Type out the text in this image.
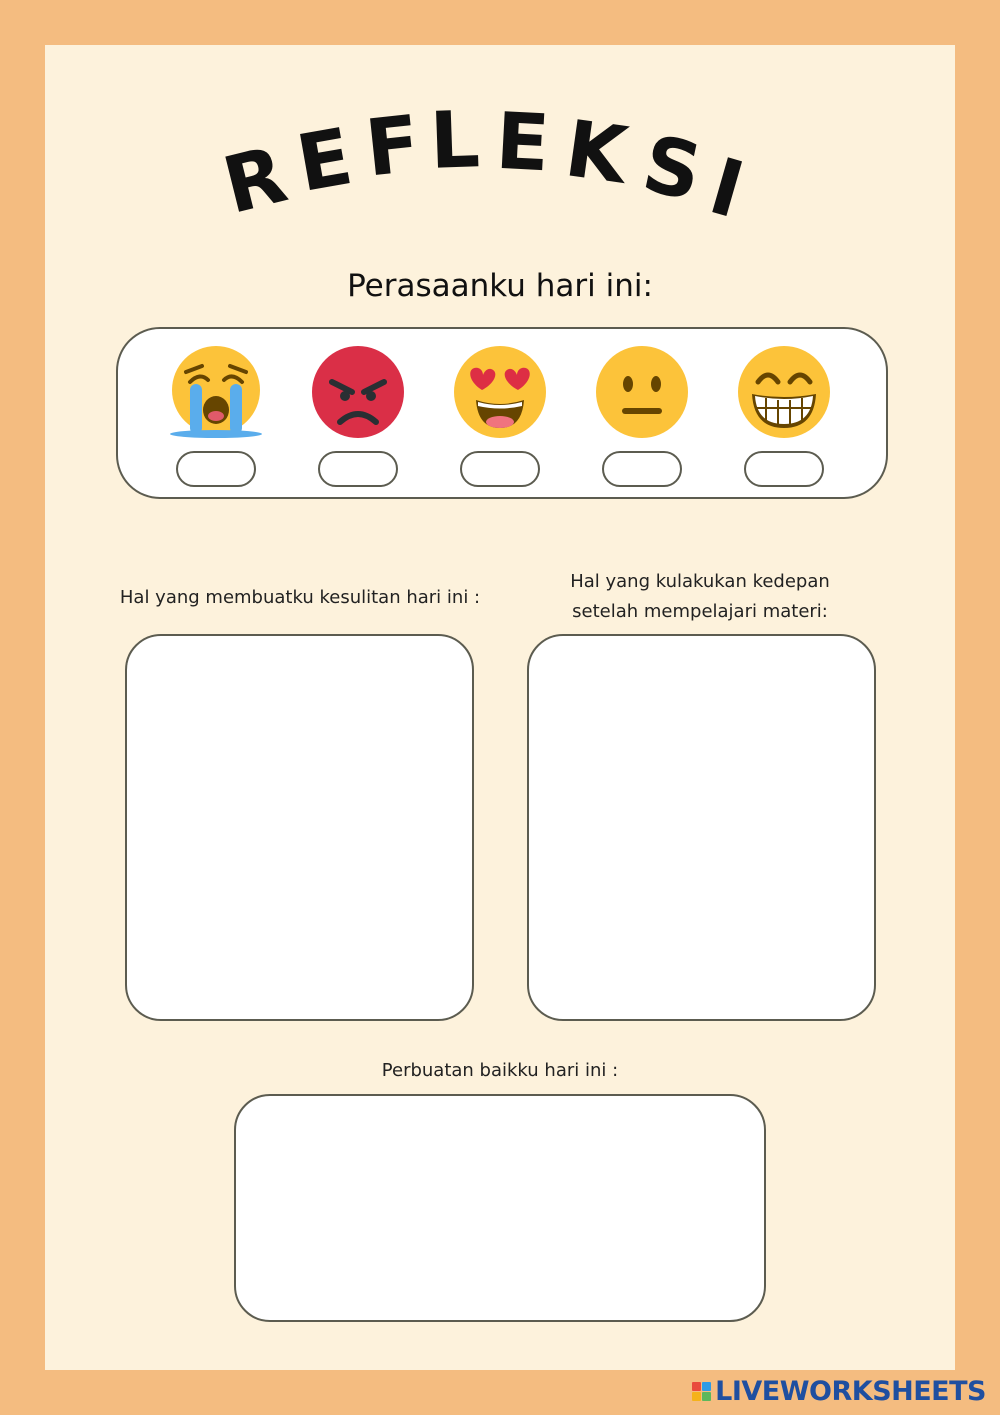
R
E F L E K S
I
Perasaanku hari ini:
Hal yang membuatku kesulitan hari ini :
Hal yang kulakukan kedepan
setelah mempelajari materi:
Perbuatan baikku hari ini :
LIVEWORKSHEETS
